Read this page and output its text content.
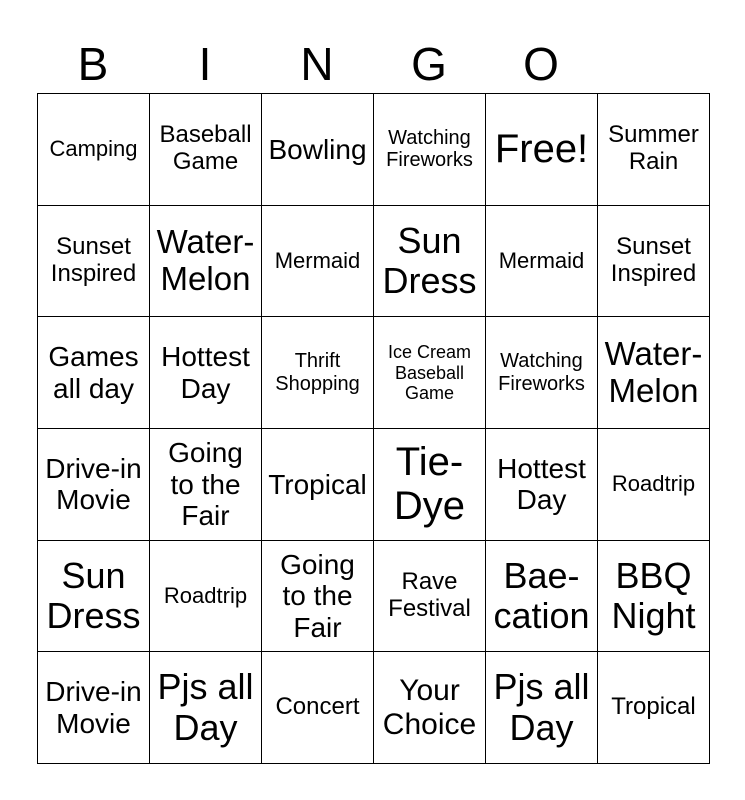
B	I	N	G	O
Camping	Baseball Game	Bowling	Watching Fireworks	Free!	Summer Rain
Sunset Inspired	Water-Melon	Mermaid	Sun Dress	Mermaid	Sunset Inspired
Games all day	Hottest Day	Thrift Shopping	Ice Cream Baseball Game	Watching Fireworks	Water-Melon
Drive-in Movie	Going to the Fair	Tropical	Tie-Dye	Hottest Day	Roadtrip
Sun Dress	Roadtrip	Going to the Fair	Rave Festival	Bae-cation	BBQ Night
Drive-in Movie	Pjs all Day	Concert	Your Choice	Pjs all Day	Tropical
